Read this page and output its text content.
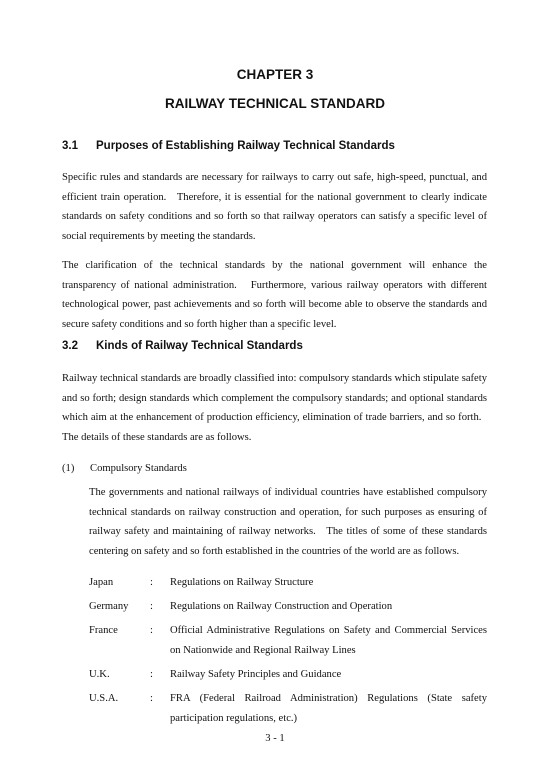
CHAPTER 3
RAILWAY TECHNICAL STANDARD
3.1 Purposes of Establishing Railway Technical Standards

Specific rules and standards are necessary for railways to carry out safe, high-speed, punctual, and efficient train operation.   Therefore, it is essential for the national government to clearly indicate standards on safety conditions and so forth so that railway operators can satisfy a specific level of social requirements by meeting the standards.

The clarification of the technical standards by the national government will enhance the transparency of national administration.   Furthermore, various railway operators with different technological power, past achievements and so forth will become able to observe the standards and secure safety conditions and so forth higher than a specific level.

3.2 Kinds of Railway Technical Standards

Railway technical standards are broadly classified into: compulsory standards which stipulate safety and so forth; design standards which complement the compulsory standards; and optional standards which aim at the enhancement of production efficiency, elimination of trade barriers, and so forth.   The details of these standards are as follows.

(1) Compulsory Standards

The governments and national railways of individual countries have established compulsory technical standards on railway construction and operation, for such purposes as ensuring of railway safety and maintaining of railway networks.   The titles of some of these standards centering on safety and so forth established in the countries of the world are as follows.

Japan	: Regulations on Railway Structure
Germany : Regulations on Railway Construction and Operation
France	: Official Administrative Regulations on Safety and Commercial Services on Nationwide and Regional Railway Lines
U.K.	: Railway Safety Principles and Guidance
U.S.A.	: FRA (Federal Railroad Administration) Regulations (State safety participation regulations, etc.)
3 - 1
